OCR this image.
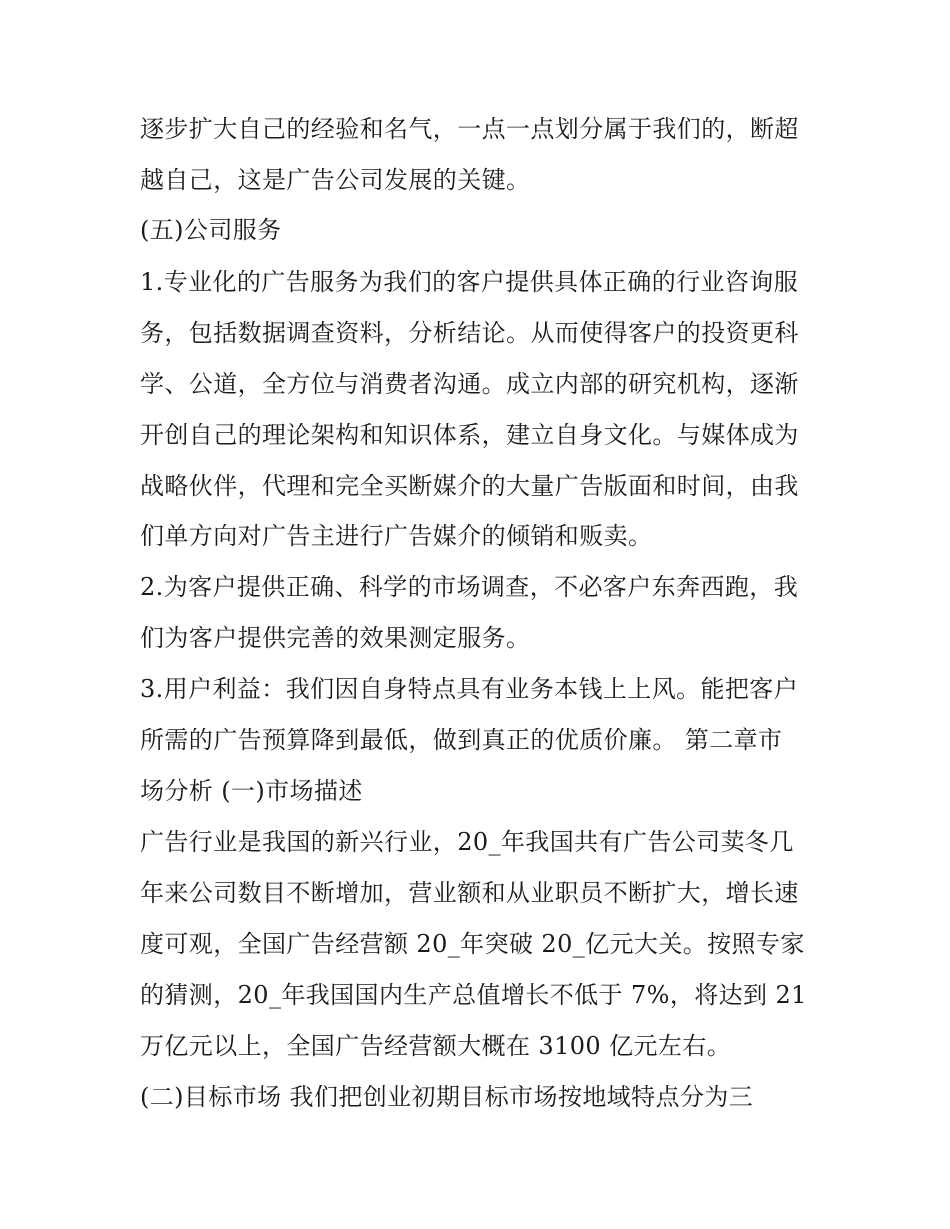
逐步扩大自己的经验和名气，一点一点划分属于我们的，断超

越自己，这是广告公司发展的关键。

(五)公司服务

1.专业化的广告服务为我们的客户提供具体正确的行业咨询服

务，包括数据调查资料，分析结论。从而使得客户的投资更科

学、公道，全方位与消费者沟通。成立内部的研究机构，逐渐

开创自己的理论架构和知识体系，建立自身文化。与媒体成为

战略伙伴，代理和完全买断媒介的大量广告版面和时间，由我

们单方向对广告主进行广告媒介的倾销和贩卖。

2.为客户提供正确、科学的市场调查，不必客户东奔西跑，我

们为客户提供完善的效果测定服务。

3.用户利益：我们因自身特点具有业务本钱上上风。能把客户

所需的广告预算降到最低，做到真正的优质价廉。 第二章市

场分析 (一)市场描述

广告行业是我国的新兴行业，20_年我国共有广告公司荬冬几

年来公司数目不断增加，营业额和从业职员不断扩大，增长速

度可观，全国广告经营额 20_年突破 20_亿元大关。按照专家

的猜测，20_年我国国内生产总值增长不低于 7%，将达到 21

万亿元以上，全国广告经营额大概在 3100 亿元左右。

(二)目标市场 我们把创业初期目标市场按地域特点分为三
